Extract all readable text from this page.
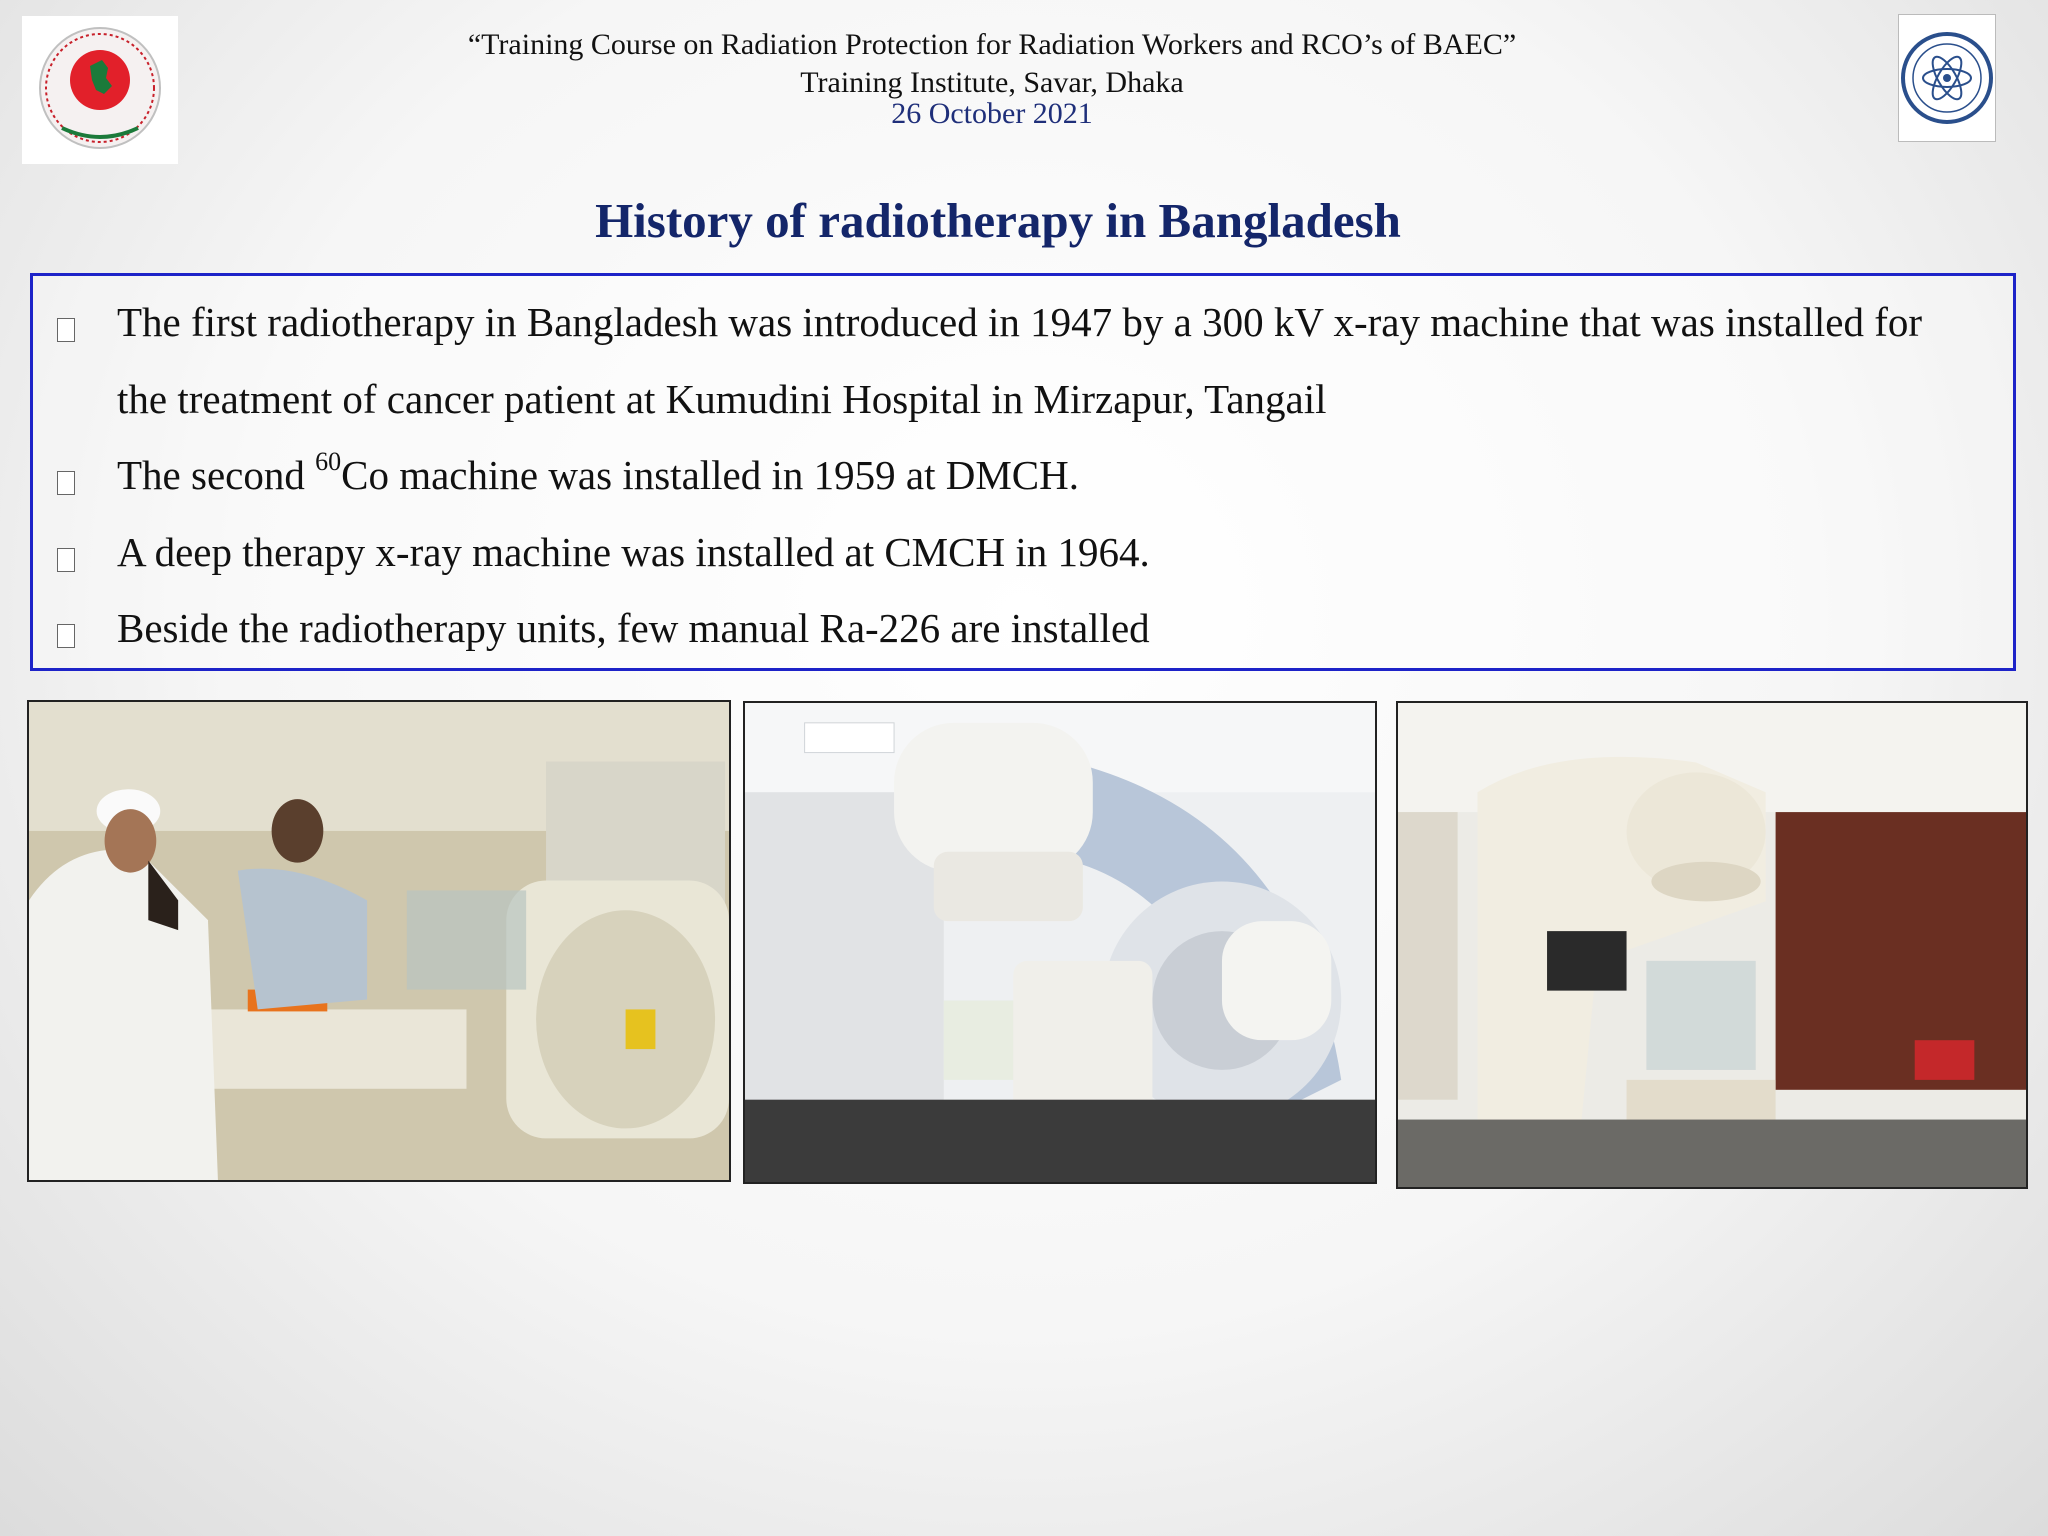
“Training Course on Radiation Protection for Radiation Workers and RCO’s of BAEC”
Training Institute, Savar, Dhaka
26 October 2021
History of radiotherapy in Bangladesh
The first radiotherapy in Bangladesh was introduced in 1947 by a 300 kV x-ray machine that was installed for
the treatment of cancer patient at Kumudini Hospital in Mirzapur, Tangail
The second $^{60}$Co machine was installed in 1959 at DMCH.
A deep therapy x-ray machine was installed at CMCH in 1964.
Beside the radiotherapy units, few manual Ra-226 are installed
